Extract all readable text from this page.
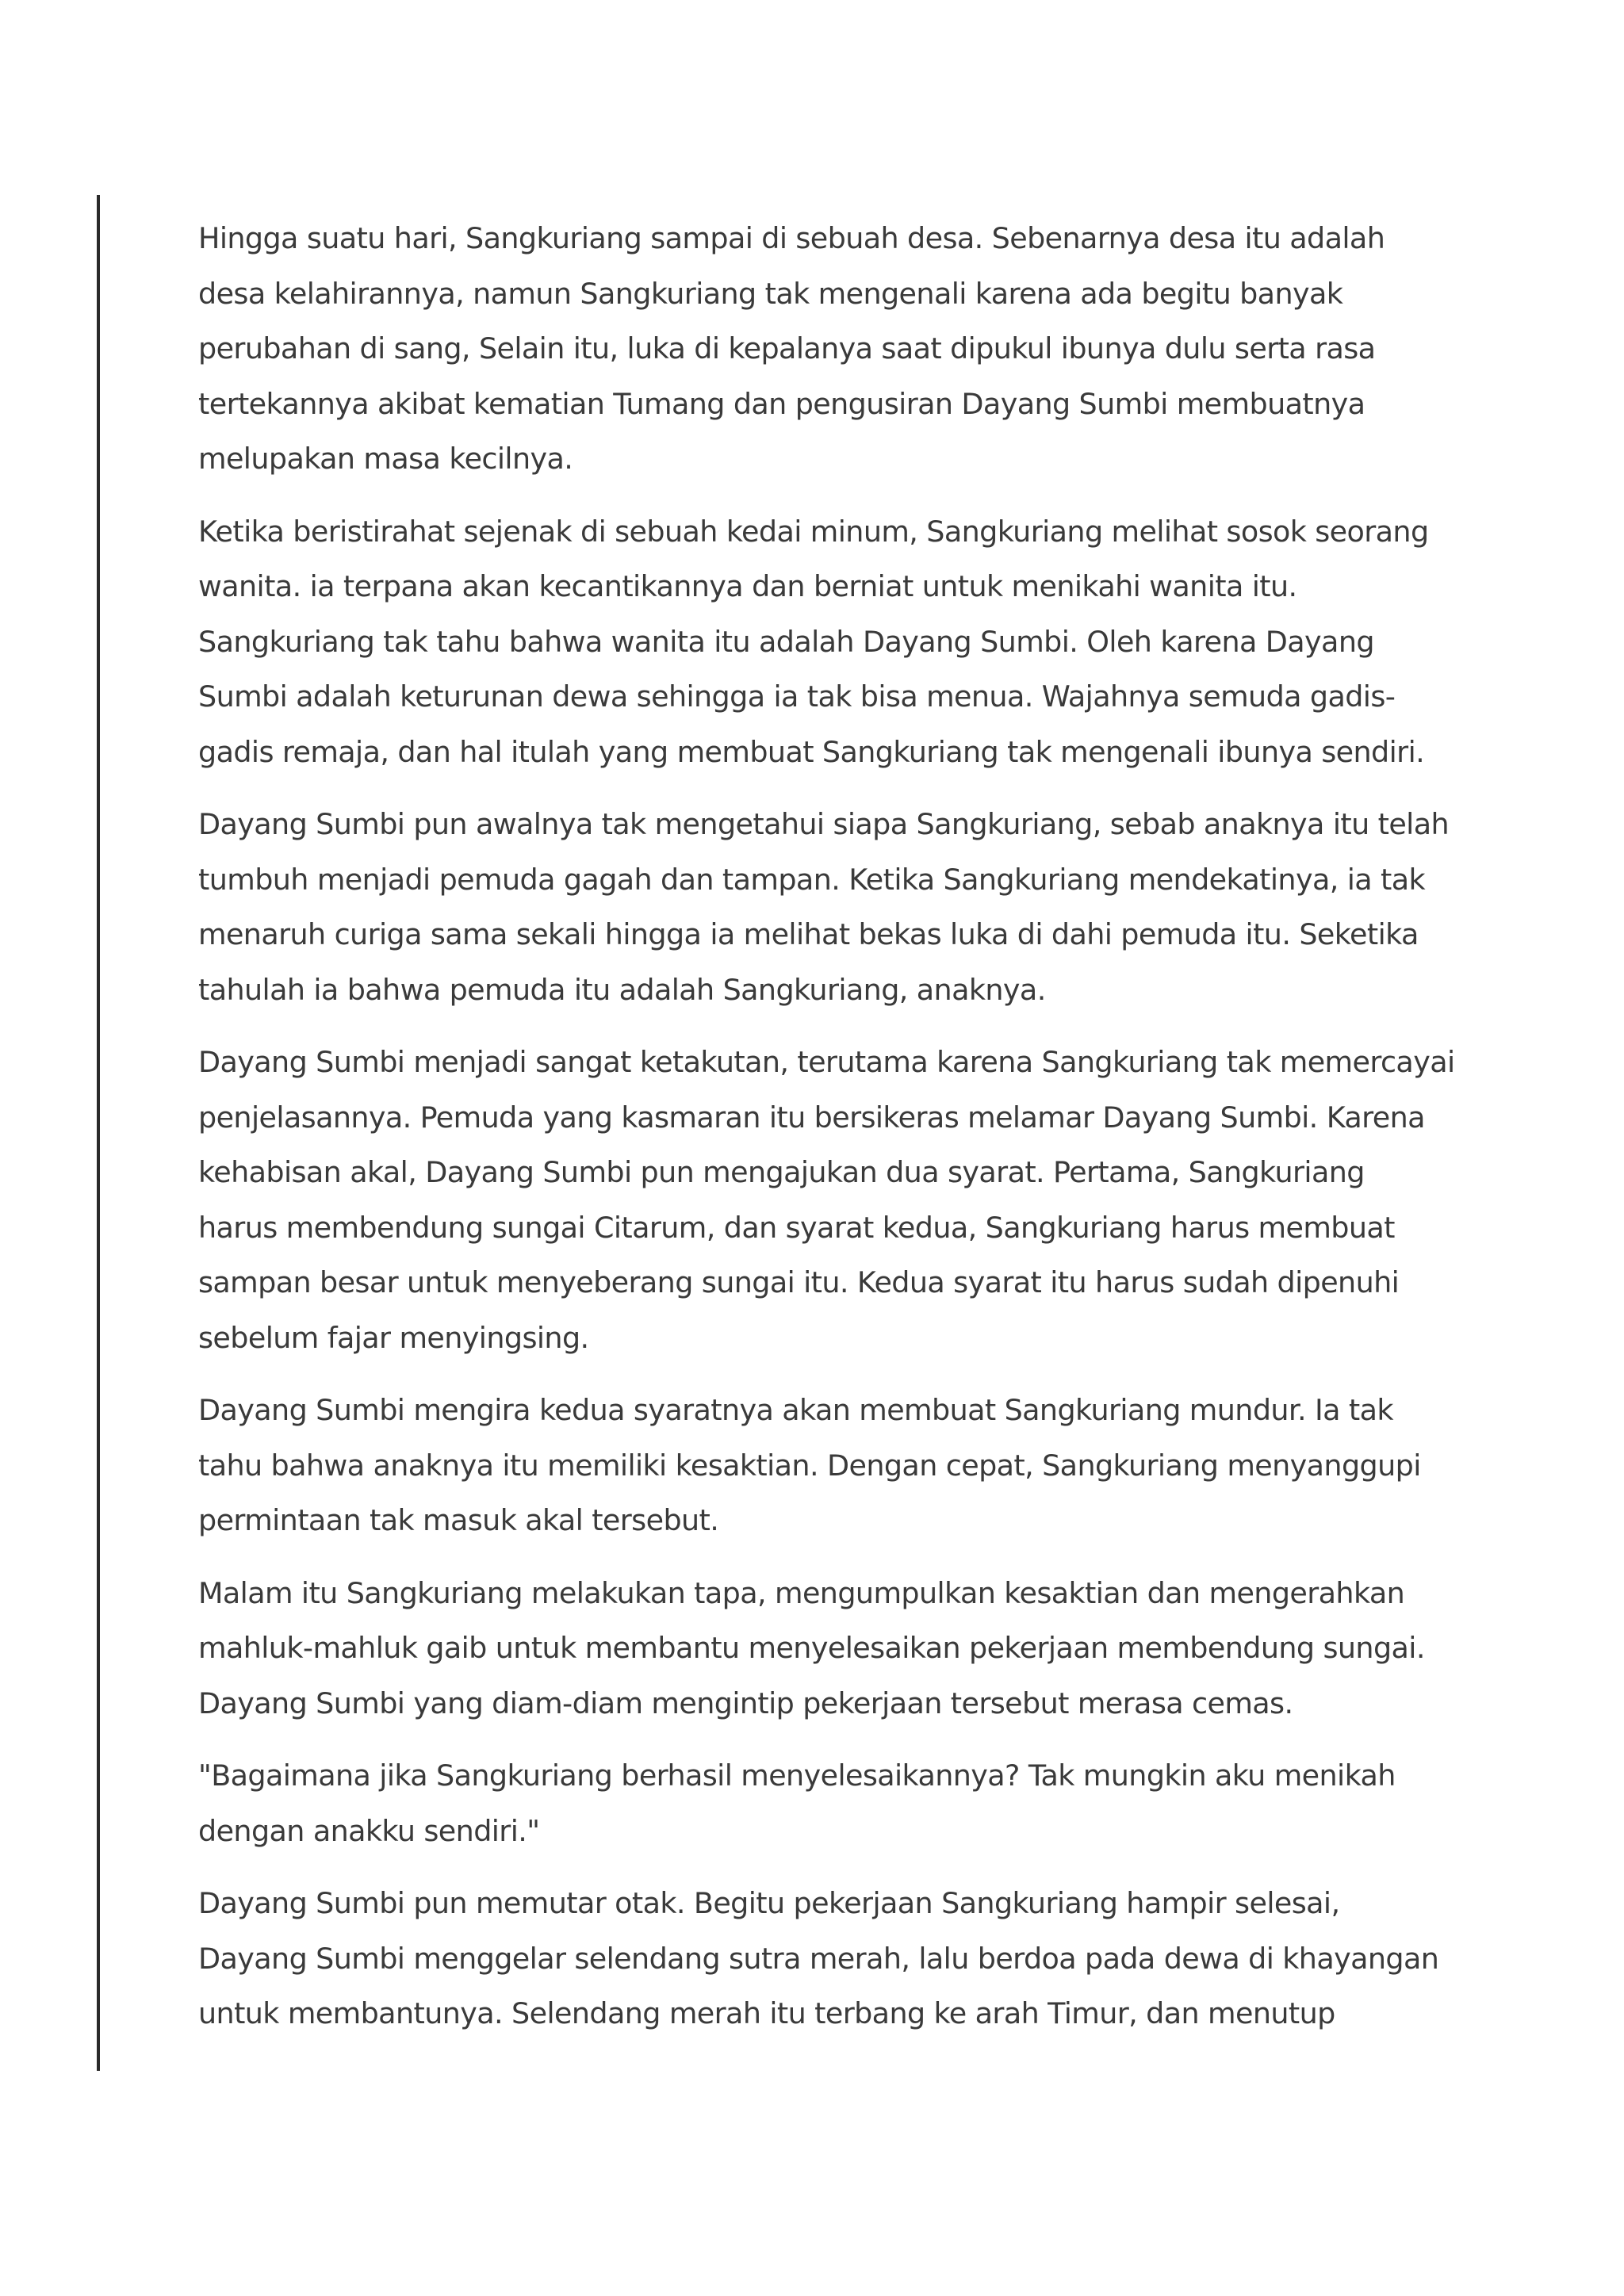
Hingga suatu hari, Sangkuriang sampai di sebuah desa. Sebenarnya desa itu adalah
desa kelahirannya, namun Sangkuriang tak mengenali karena ada begitu banyak
perubahan di sang, Selain itu, luka di kepalanya saat dipukul ibunya dulu serta rasa
tertekannya akibat kematian Tumang dan pengusiran Dayang Sumbi membuatnya
melupakan masa kecilnya.

Ketika beristirahat sejenak di sebuah kedai minum, Sangkuriang melihat sosok seorang
wanita. ia terpana akan kecantikannya dan berniat untuk menikahi wanita itu.
Sangkuriang tak tahu bahwa wanita itu adalah Dayang Sumbi. Oleh karena Dayang
Sumbi adalah keturunan dewa sehingga ia tak bisa menua. Wajahnya semuda gadis-
gadis remaja, dan hal itulah yang membuat Sangkuriang tak mengenali ibunya sendiri.

Dayang Sumbi pun awalnya tak mengetahui siapa Sangkuriang, sebab anaknya itu telah
tumbuh menjadi pemuda gagah dan tampan. Ketika Sangkuriang mendekatinya, ia tak
menaruh curiga sama sekali hingga ia melihat bekas luka di dahi pemuda itu. Seketika
tahulah ia bahwa pemuda itu adalah Sangkuriang, anaknya.

Dayang Sumbi menjadi sangat ketakutan, terutama karena Sangkuriang tak memercayai
penjelasannya. Pemuda yang kasmaran itu bersikeras melamar Dayang Sumbi. Karena
kehabisan akal, Dayang Sumbi pun mengajukan dua syarat. Pertama, Sangkuriang
harus membendung sungai Citarum, dan syarat kedua, Sangkuriang harus membuat
sampan besar untuk menyeberang sungai itu. Kedua syarat itu harus sudah dipenuhi
sebelum fajar menyingsing.

Dayang Sumbi mengira kedua syaratnya akan membuat Sangkuriang mundur. Ia tak
tahu bahwa anaknya itu memiliki kesaktian. Dengan cepat, Sangkuriang menyanggupi
permintaan tak masuk akal tersebut.

Malam itu Sangkuriang melakukan tapa, mengumpulkan kesaktian dan mengerahkan
mahluk-mahluk gaib untuk membantu menyelesaikan pekerjaan membendung sungai.
Dayang Sumbi yang diam-diam mengintip pekerjaan tersebut merasa cemas.

"Bagaimana jika Sangkuriang berhasil menyelesaikannya? Tak mungkin aku menikah
dengan anakku sendiri."

Dayang Sumbi pun memutar otak. Begitu pekerjaan Sangkuriang hampir selesai,
Dayang Sumbi menggelar selendang sutra merah, lalu berdoa pada dewa di khayangan
untuk membantunya. Selendang merah itu terbang ke arah Timur, dan menutup
